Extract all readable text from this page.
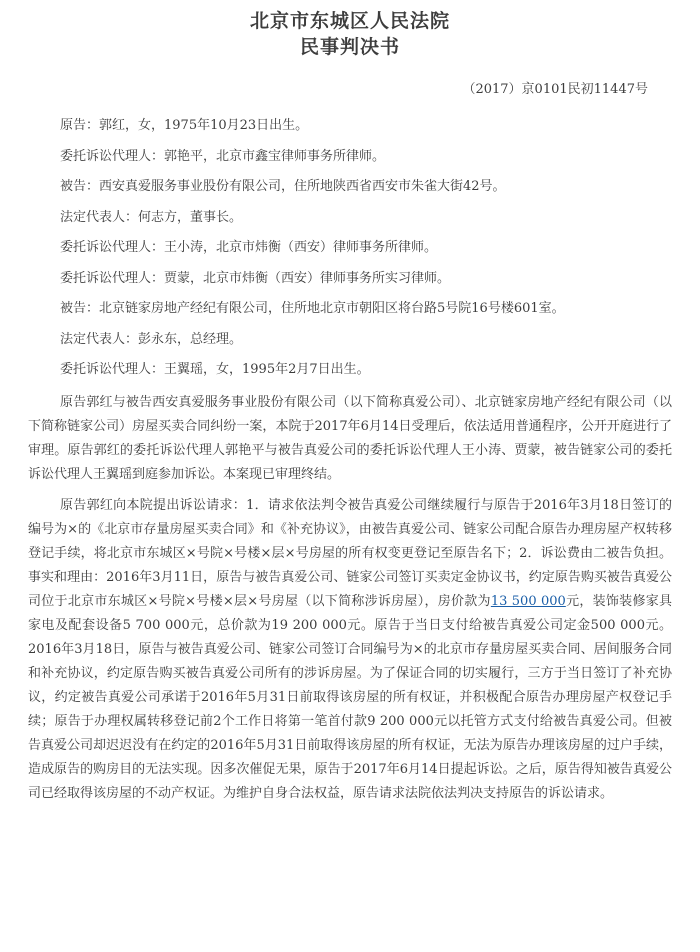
北京市东城区人民法院
民事判决书
（2017）京0101民初11447号

原告：郭红，女，1975年10月23日出生。

委托诉讼代理人：郭艳平，北京市鑫宝律师事务所律师。

被告：西安真爱服务事业股份有限公司，住所地陕西省西安市朱雀大街42号。

法定代表人：何志方，董事长。

委托诉讼代理人：王小涛，北京市炜衡（西安）律师事务所律师。

委托诉讼代理人：贾蒙，北京市炜衡（西安）律师事务所实习律师。

被告：北京链家房地产经纪有限公司，住所地北京市朝阳区将台路5号院16号楼601室。

法定代表人：彭永东，总经理。

委托诉讼代理人：王翼瑶，女，1995年2月7日出生。

原告郭红与被告西安真爱服务事业股份有限公司（以下简称真爱公司）、北京链家房地产经纪有限公司（以下简称链家公司）房屋买卖合同纠纷一案，本院于2017年6月14日受理后，依法适用普通程序，公开开庭进行了审理。原告郭红的委托诉讼代理人郭艳平与被告真爱公司的委托诉讼代理人王小涛、贾蒙，被告链家公司的委托诉讼代理人王翼瑶到庭参加诉讼。本案现已审理终结。

原告郭红向本院提出诉讼请求：1．请求依法判令被告真爱公司继续履行与原告于2016年3月18日签订的编号为×的《北京市存量房屋买卖合同》和《补充协议》，由被告真爱公司、链家公司配合原告办理房屋产权转移登记手续，将北京市东城区×号院×号楼×层×号房屋的所有权变更登记至原告名下；2．诉讼费由二被告负担。事实和理由：2016年3月11日，原告与被告真爱公司、链家公司签订买卖定金协议书，约定原告购买被告真爱公司位于北京市东城区×号院×号楼×层×号房屋（以下简称涉诉房屋），房价款为13 500 000元，装饰装修家具家电及配套设备5 700 000元，总价款为19 200 000元。原告于当日支付给被告真爱公司定金500 000元。2016年3月18日，原告与被告真爱公司、链家公司签订合同编号为×的北京市存量房屋买卖合同、居间服务合同和补充协议，约定原告购买被告真爱公司所有的涉诉房屋。为了保证合同的切实履行，三方于当日签订了补充协议，约定被告真爱公司承诺于2016年5月31日前取得该房屋的所有权证，并积极配合原告办理房屋产权登记手续；原告于办理权属转移登记前2个工作日将第一笔首付款9 200 000元以托管方式支付给被告真爱公司。但被告真爱公司却迟迟没有在约定的2016年5月31日前取得该房屋的所有权证，无法为原告办理该房屋的过户手续，造成原告的购房目的无法实现。因多次催促无果，原告于2017年6月14日提起诉讼。之后，原告得知被告真爱公司已经取得该房屋的不动产权证。为维护自身合法权益，原告请求法院依法判决支持原告的诉讼请求。
